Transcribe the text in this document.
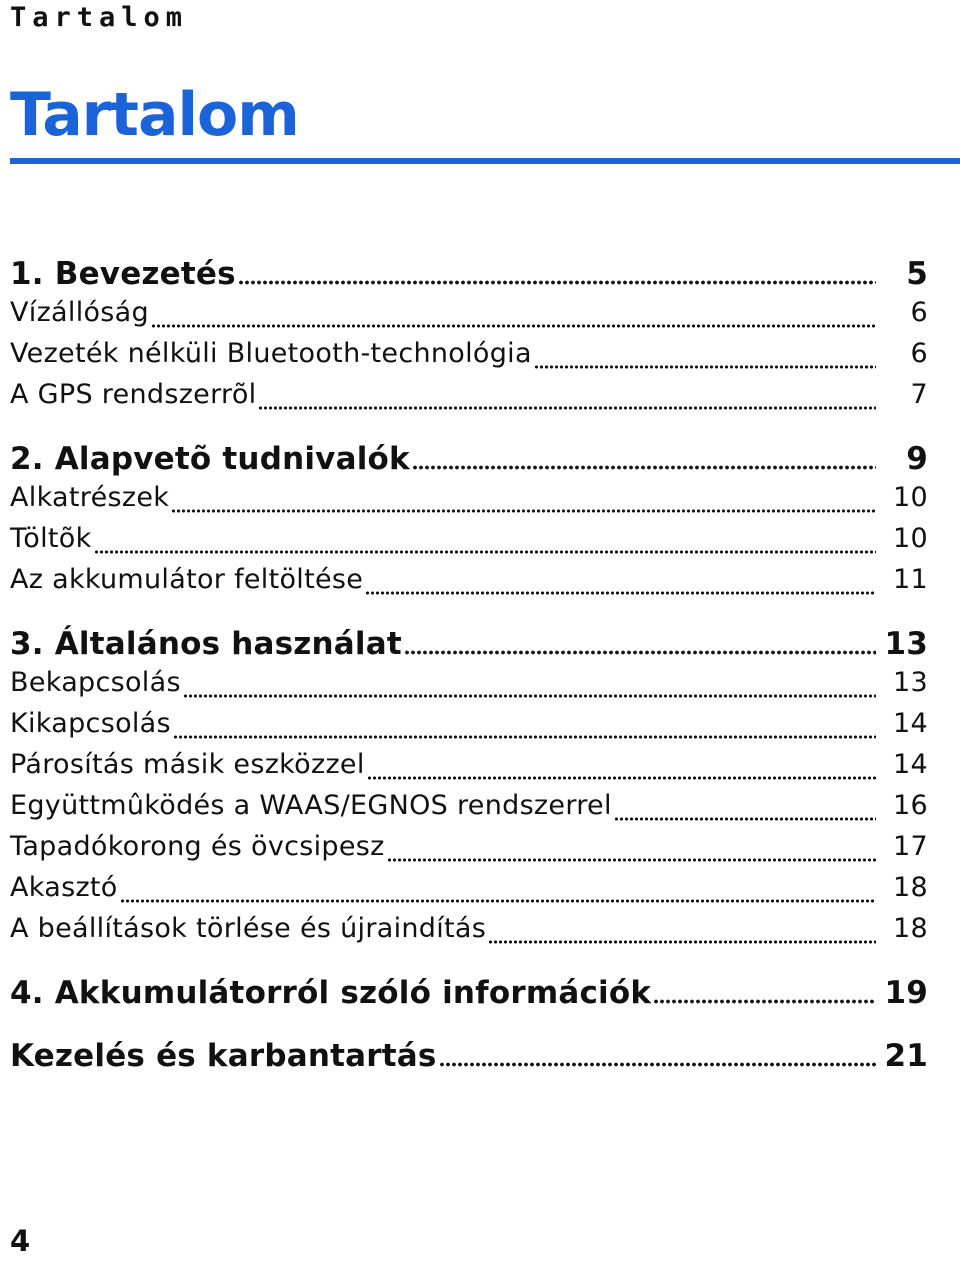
Tartalom
Tartalom
1. Bevezetés	5
Vízállóság	6
Vezeték nélküli Bluetooth-technológia	6
A GPS rendszerrõl	7
2. Alapvetõ tudnivalók	9
Alkatrészek	10
Töltõk	10
Az akkumulátor feltöltése	11
3. Általános használat	13
Bekapcsolás	13
Kikapcsolás	14
Párosítás másik eszközzel	14
Együttmûködés a WAAS/EGNOS rendszerrel	16
Tapadókorong és övcsipesz	17
Akasztó	18
A beállítások törlése és újraindítás	18
4. Akkumulátorról szóló információk	19
Kezelés és karbantartás	21
4
